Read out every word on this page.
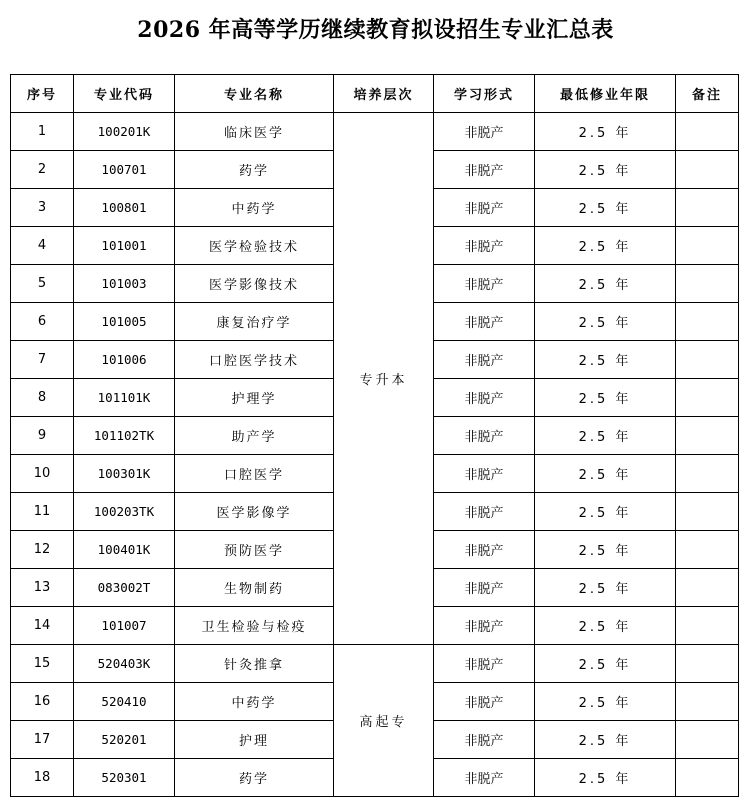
2026 年高等学历继续教育拟设招生专业汇总表
序号	专业代码	专业名称	培养层次	学习形式	最低修业年限	备注
1	100201K	临床医学	专升本	非脱产	2.5 年	
2	100701	药学		非脱产	2.5 年	
3	100801	中药学		非脱产	2.5 年	
4	101001	医学检验技术		非脱产	2.5 年	
5	101003	医学影像技术		非脱产	2.5 年	
6	101005	康复治疗学		非脱产	2.5 年	
7	101006	口腔医学技术		非脱产	2.5 年	
8	101101K	护理学		非脱产	2.5 年	
9	101102TK	助产学		非脱产	2.5 年	
10	100301K	口腔医学		非脱产	2.5 年	
11	100203TK	医学影像学		非脱产	2.5 年	
12	100401K	预防医学		非脱产	2.5 年	
13	083002T	生物制药		非脱产	2.5 年	
14	101007	卫生检验与检疫		非脱产	2.5 年	
15	520403K	针灸推拿	高起专	非脱产	2.5 年	
16	520410	中药学		非脱产	2.5 年	
17	520201	护理		非脱产	2.5 年	
18	520301	药学		非脱产	2.5 年	
